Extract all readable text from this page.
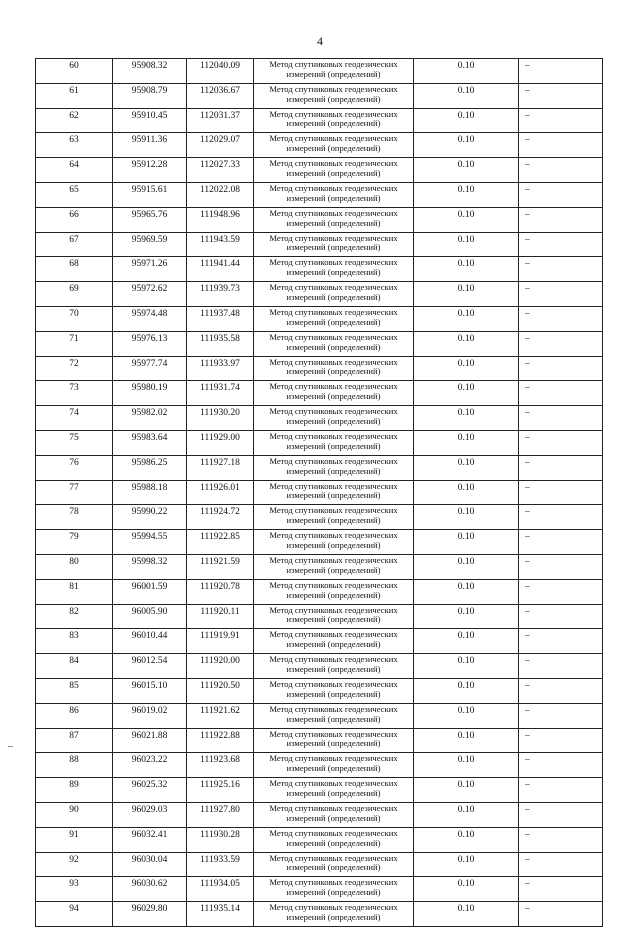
4
60	95908.32	112040.09	Метод спутниковых геодезических измерений (определений)	0.10	–
61	95908.79	112036.67	Метод спутниковых геодезических измерений (определений)	0.10	–
62	95910.45	112031.37	Метод спутниковых геодезических измерений (определений)	0.10	–
63	95911.36	112029.07	Метод спутниковых геодезических измерений (определений)	0.10	–
64	95912.28	112027.33	Метод спутниковых геодезических измерений (определений)	0.10	–
65	95915.61	112022.08	Метод спутниковых геодезических измерений (определений)	0.10	–
66	95965.76	111948.96	Метод спутниковых геодезических измерений (определений)	0.10	–
67	95969.59	111943.59	Метод спутниковых геодезических измерений (определений)	0.10	–
68	95971.26	111941.44	Метод спутниковых геодезических измерений (определений)	0.10	–
69	95972.62	111939.73	Метод спутниковых геодезических измерений (определений)	0.10	–
70	95974.48	111937.48	Метод спутниковых геодезических измерений (определений)	0.10	–
71	95976.13	111935.58	Метод спутниковых геодезических измерений (определений)	0.10	–
72	95977.74	111933.97	Метод спутниковых геодезических измерений (определений)	0.10	–
73	95980.19	111931.74	Метод спутниковых геодезических измерений (определений)	0.10	–
74	95982.02	111930.20	Метод спутниковых геодезических измерений (определений)	0.10	–
75	95983.64	111929.00	Метод спутниковых геодезических измерений (определений)	0.10	–
76	95986.25	111927.18	Метод спутниковых геодезических измерений (определений)	0.10	–
77	95988.18	111926.01	Метод спутниковых геодезических измерений (определений)	0.10	–
78	95990.22	111924.72	Метод спутниковых геодезических измерений (определений)	0.10	–
79	95994.55	111922.85	Метод спутниковых геодезических измерений (определений)	0.10	–
80	95998.32	111921.59	Метод спутниковых геодезических измерений (определений)	0.10	–
81	96001.59	111920.78	Метод спутниковых геодезических измерений (определений)	0.10	–
82	96005.90	111920.11	Метод спутниковых геодезических измерений (определений)	0.10	–
83	96010.44	111919.91	Метод спутниковых геодезических измерений (определений)	0.10	–
84	96012.54	111920.00	Метод спутниковых геодезических измерений (определений)	0.10	–
85	96015.10	111920.50	Метод спутниковых геодезических измерений (определений)	0.10	–
86	96019.02	111921.62	Метод спутниковых геодезических измерений (определений)	0.10	–
87	96021.88	111922.88	Метод спутниковых геодезических измерений (определений)	0.10	–
88	96023.22	111923.68	Метод спутниковых геодезических измерений (определений)	0.10	–
89	96025.32	111925.16	Метод спутниковых геодезических измерений (определений)	0.10	–
90	96029.03	111927.80	Метод спутниковых геодезических измерений (определений)	0.10	–
91	96032.41	111930.28	Метод спутниковых геодезических измерений (определений)	0.10	–
92	96030.04	111933.59	Метод спутниковых геодезических измерений (определений)	0.10	–
93	96030.62	111934.05	Метод спутниковых геодезических измерений (определений)	0.10	–
94	96029.80	111935.14	Метод спутниковых геодезических измерений (определений)	0.10	–
–
